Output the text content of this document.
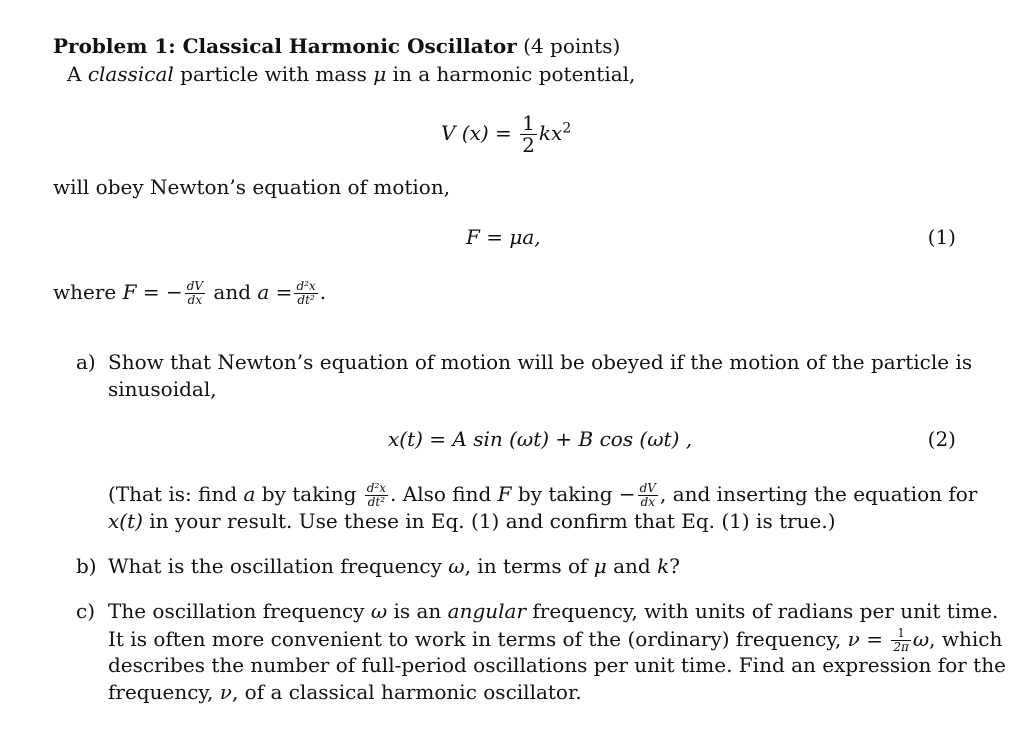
Problem 1: Classical Harmonic Oscillator (4 points)
A classical particle with mass μ in a harmonic potential,
V $(x) = \frac{1}{2} kx^2$
will obey Newton’s equation of motion,
F = μa,	(1)
where F = − $\frac{dV}{dx}$ and $a = \frac{\text{d²x}}{\text{dt²}}$ .
a) Show that Newton’s equation of motion will be obeyed if the motion of the particle is
sinusoidal,
x(t) = A sin (ωt) + B cos (ωt) ,	(2)
(That is: find a by taking $\frac{\text{d²x}}{\text{dt²}}$ . Also find F by taking − $\frac{dV}{dx}$ , and inserting the equation for
x(t) in your result. Use these in Eq. (1) and confirm that Eq. (1) is true.)
b) What is the oscillation frequency ω, in terms of μ and k?
c) The oscillation frequency ω is an angular frequency, with units of radians per unit time.
It is often more convenient to work in terms of the (ordinary) frequency, $\nu = \frac{1}{2\pi} \omega$, which
describes the number of full-period oscillations per unit time. Find an expression for the
frequency, ν, of a classical harmonic oscillator.
